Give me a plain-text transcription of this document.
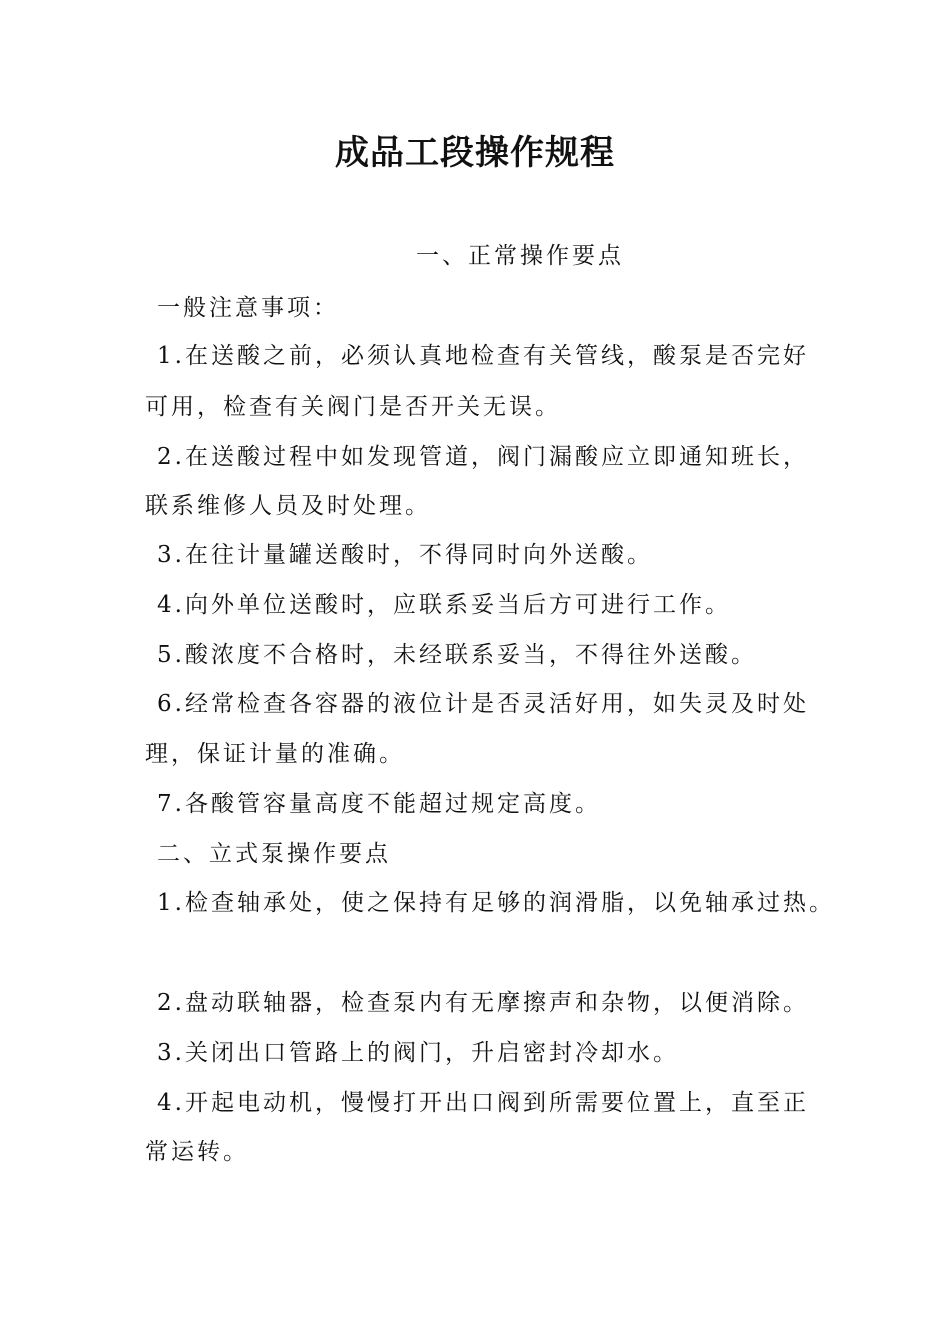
成品工段操作规程
一、正常操作要点
一般注意事项：
1.在送酸之前，必须认真地检查有关管线，酸泵是否完好
可用，检查有关阀门是否开关无误。
2.在送酸过程中如发现管道，阀门漏酸应立即通知班长，
联系维修人员及时处理。
3.在往计量罐送酸时，不得同时向外送酸。
4.向外单位送酸时，应联系妥当后方可进行工作。
5.酸浓度不合格时，未经联系妥当，不得往外送酸。
6.经常检查各容器的液位计是否灵活好用，如失灵及时处
理，保证计量的准确。
7.各酸管容量高度不能超过规定高度。
二、立式泵操作要点
1.检查轴承处，使之保持有足够的润滑脂，以免轴承过热。
2.盘动联轴器，检查泵内有无摩擦声和杂物，以便消除。
3.关闭出口管路上的阀门，升启密封冷却水。
4.开起电动机，慢慢打开出口阀到所需要位置上，直至正
常运转。
